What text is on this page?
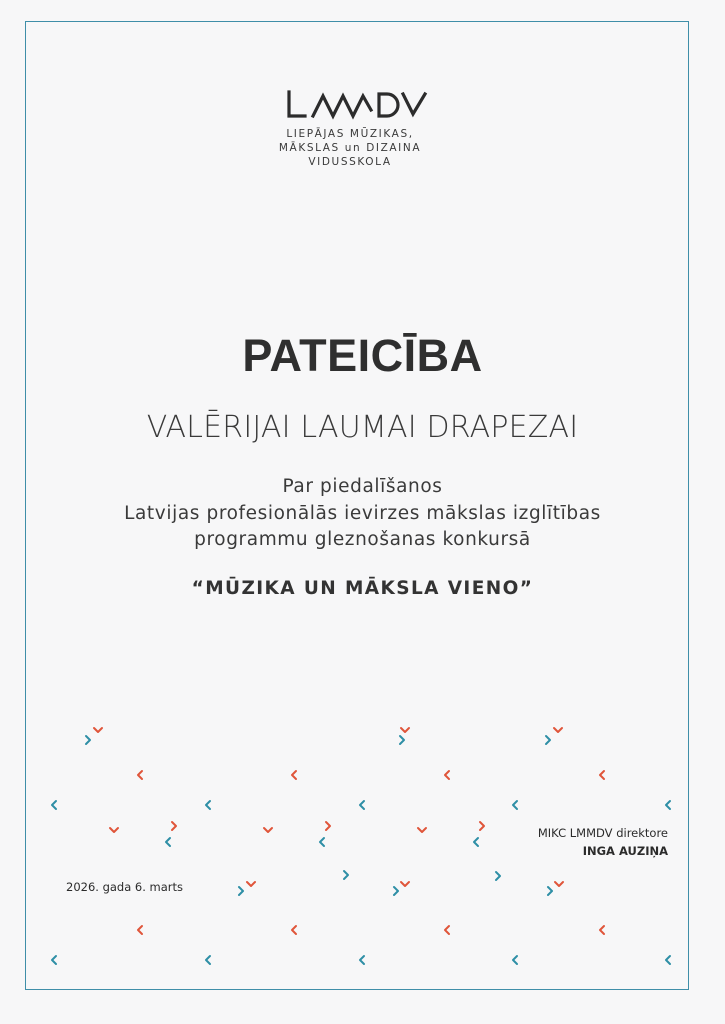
LIEPĀJAS MŪZIKAS,
MĀKSLAS un DIZAINA
VIDUSSKOLA
PATEICĪBA
VALĒRIJAI LAUMAI DRAPEZAI
Par piedalīšanos
Latvijas profesionālās ievirzes mākslas izglītības
programmu gleznošanas konkursā
“MŪZIKA UN MĀKSLA VIENO”
2026. gada 6. marts
MIKC LMMDV direktore
INGA AUZIŅA
